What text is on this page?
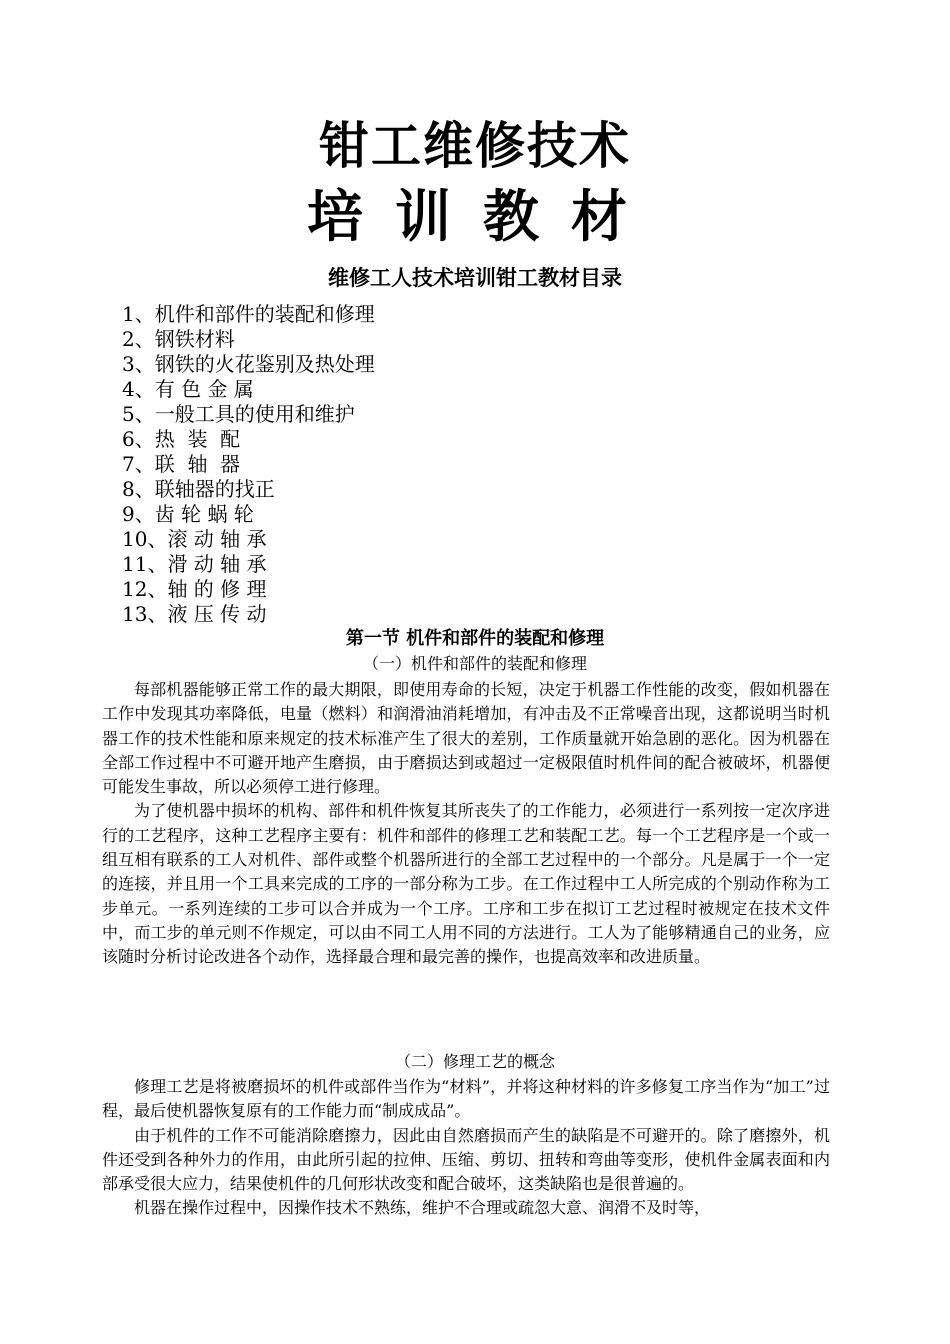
钳工维修技术
培训教材
维修工人技术培训钳工教材目录
1、机件和部件的装配和修理
2、钢铁材料
3、钢铁的火花鉴别及热处理
4、有 色 金 属
5、一般工具的使用和维护
6、热  装  配
7、联  轴  器
8、联轴器的找正
9、齿 轮 蜗 轮
10、滚 动 轴 承
11、滑 动 轴 承
12、轴 的 修 理
13、液 压 传 动
第一节 机件和部件的装配和修理
（一）机件和部件的装配和修理

每部机器能够正常工作的最大期限，即使用寿命的长短，决定于机器工作性能的改变，假如机器在工作中发现其功率降低，电量（燃料）和润滑油消耗增加，有冲击及不正常噪音出现，这都说明当时机器工作的技术性能和原来规定的技术标准产生了很大的差别，工作质量就开始急剧的恶化。因为机器在全部工作过程中不可避开地产生磨损，由于磨损达到或超过一定极限值时机件间的配合被破坏，机器便可能发生事故，所以必须停工进行修理。

为了使机器中损坏的机构、部件和机件恢复其所丧失了的工作能力，必须进行一系列按一定次序进行的工艺程序，这种工艺程序主要有：机件和部件的修理工艺和装配工艺。每一个工艺程序是一个或一组互相有联系的工人对机件、部件或整个机器所进行的全部工艺过程中的一个部分。凡是属于一个一定的连接，并且用一个工具来完成的工序的一部分称为工步。在工作过程中工人所完成的个别动作称为工步单元。一系列连续的工步可以合并成为一个工序。工序和工步在拟订工艺过程时被规定在技术文件中，而工步的单元则不作规定，可以由不同工人用不同的方法进行。工人为了能够精通自己的业务，应该随时分析讨论改进各个动作，选择最合理和最完善的操作，也提高效率和改进质量。

（二）修理工艺的概念

修理工艺是将被磨损坏的机件或部件当作为“材料”，并将这种材料的许多修复工序当作为“加工”过程，最后使机器恢复原有的工作能力而“制成成品”。

由于机件的工作不可能消除磨擦力，因此由自然磨损而产生的缺陷是不可避开的。除了磨擦外，机件还受到各种外力的作用，由此所引起的拉伸、压缩、剪切、扭转和弯曲等变形，使机件金属表面和内部承受很大应力，结果使机件的几何形状改变和配合破坏，这类缺陷也是很普遍的。

机器在操作过程中，因操作技术不熟练，维护不合理或疏忽大意、润滑不及时等，
